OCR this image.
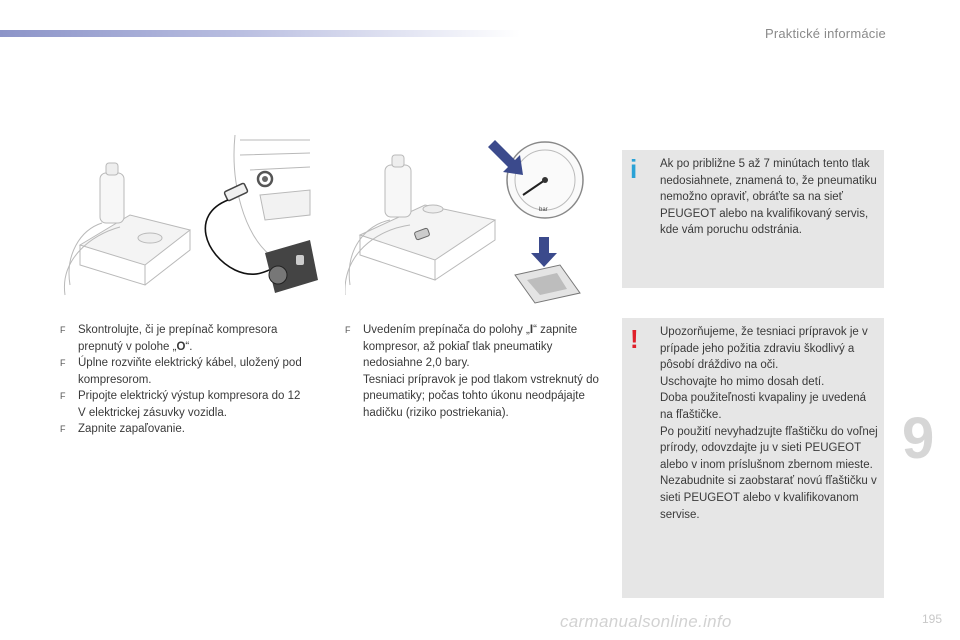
Praktické informácie
bar
F Skontrolujte, či je prepínač kompresora prepnutý v polohe „O“.
F Úplne rozviňte elektrický kábel, uložený pod kompresorom.
F Pripojte elektrický výstup kompresora do 12 V elektrickej zásuvky vozidla.
F Zapnite zapaľovanie.
F Uvedením prepínača do polohy „I“ zapnite kompresor, až pokiaľ tlak pneumatiky nedosiahne 2,0 bary.
Tesniaci prípravok je pod tlakom vstreknutý do pneumatiky; počas tohto úkonu neodpájajte hadičku (riziko postriekania).
i Ak po približne 5 až 7 minútach tento tlak nedosiahnete, znamená to, že pneumatiku nemožno opraviť, obráťte sa na sieť PEUGEOT alebo na kvalifikovaný servis, kde vám poruchu odstránia.
! Upozorňujeme, že tesniaci prípravok je v prípade jeho požitia zdraviu škodlivý a pôsobí dráždivo na oči.

Uschovajte ho mimo dosah detí.

Doba použiteľnosti kvapaliny je uvedená na fľaštičke.

Po použití nevyhadzujte fľaštičku do voľnej prírody, odovzdajte ju v sieti PEUGEOT alebo v inom príslušnom zbernom mieste.

Nezabudnite si zaobstarať novú fľaštičku v sieti PEUGEOT alebo v kvalifikovanom servise.

9
carmanualsonline.info	195
